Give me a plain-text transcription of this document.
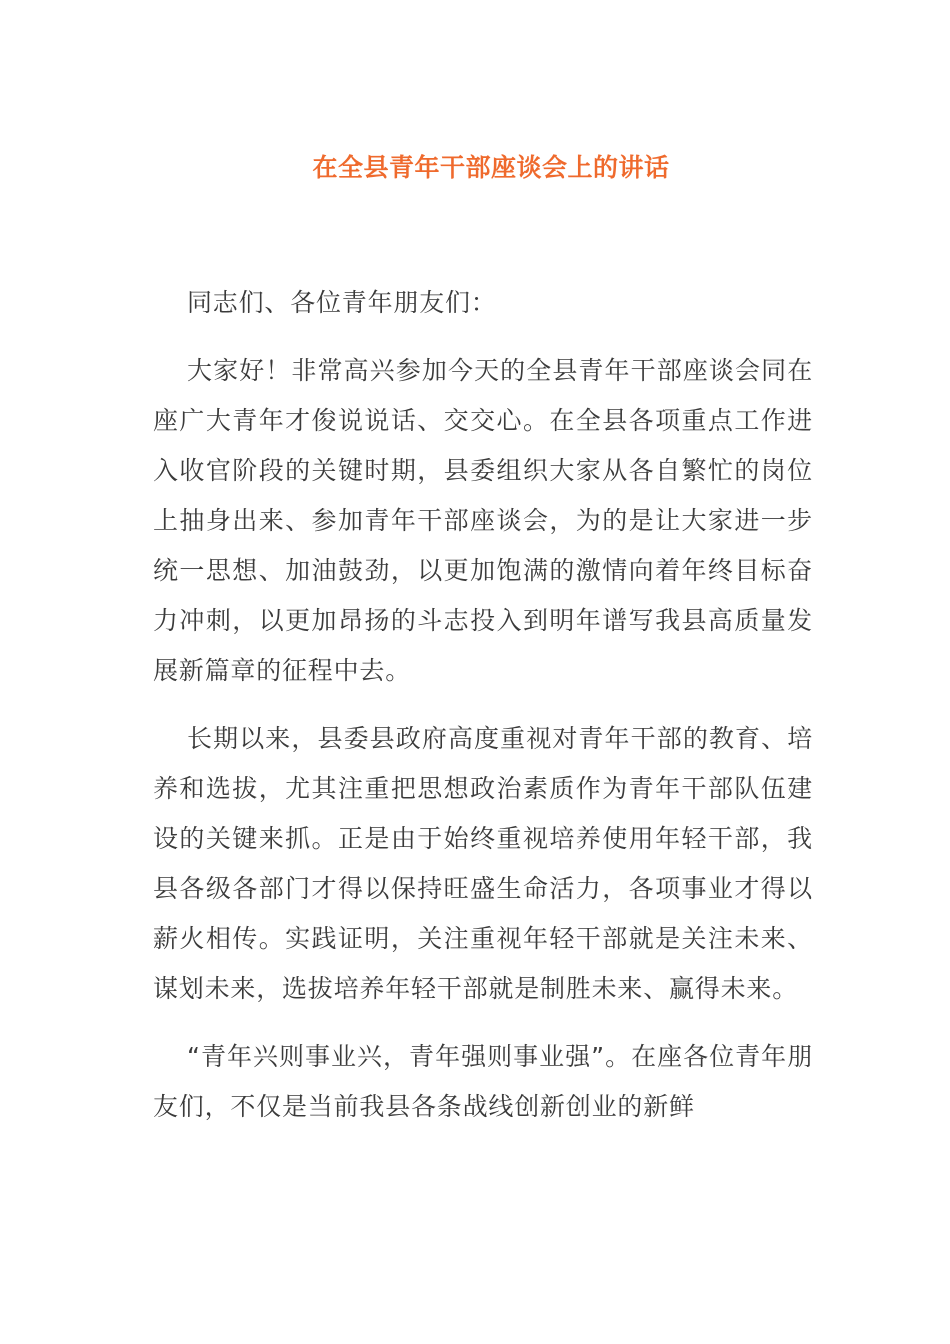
在全县青年干部座谈会上的讲话

同志们、各位青年朋友们：

大家好！非常高兴参加今天的全县青年干部座谈会同在座广大青年才俊说说话、交交心。在全县各项重点工作进入收官阶段的关键时期，县委组织大家从各自繁忙的岗位上抽身出来、参加青年干部座谈会，为的是让大家进一步统一思想、加油鼓劲，以更加饱满的激情向着年终目标奋力冲刺，以更加昂扬的斗志投入到明年谱写我县高质量发展新篇章的征程中去。

长期以来，县委县政府高度重视对青年干部的教育、培养和选拔，尤其注重把思想政治素质作为青年干部队伍建设的关键来抓。正是由于始终重视培养使用年轻干部，我县各级各部门才得以保持旺盛生命活力，各项事业才得以薪火相传。实践证明，关注重视年轻干部就是关注未来、谋划未来，选拔培养年轻干部就是制胜未来、赢得未来。

“青年兴则事业兴，青年强则事业强”。在座各位青年朋友们，不仅是当前我县各条战线创新创业的新鲜
